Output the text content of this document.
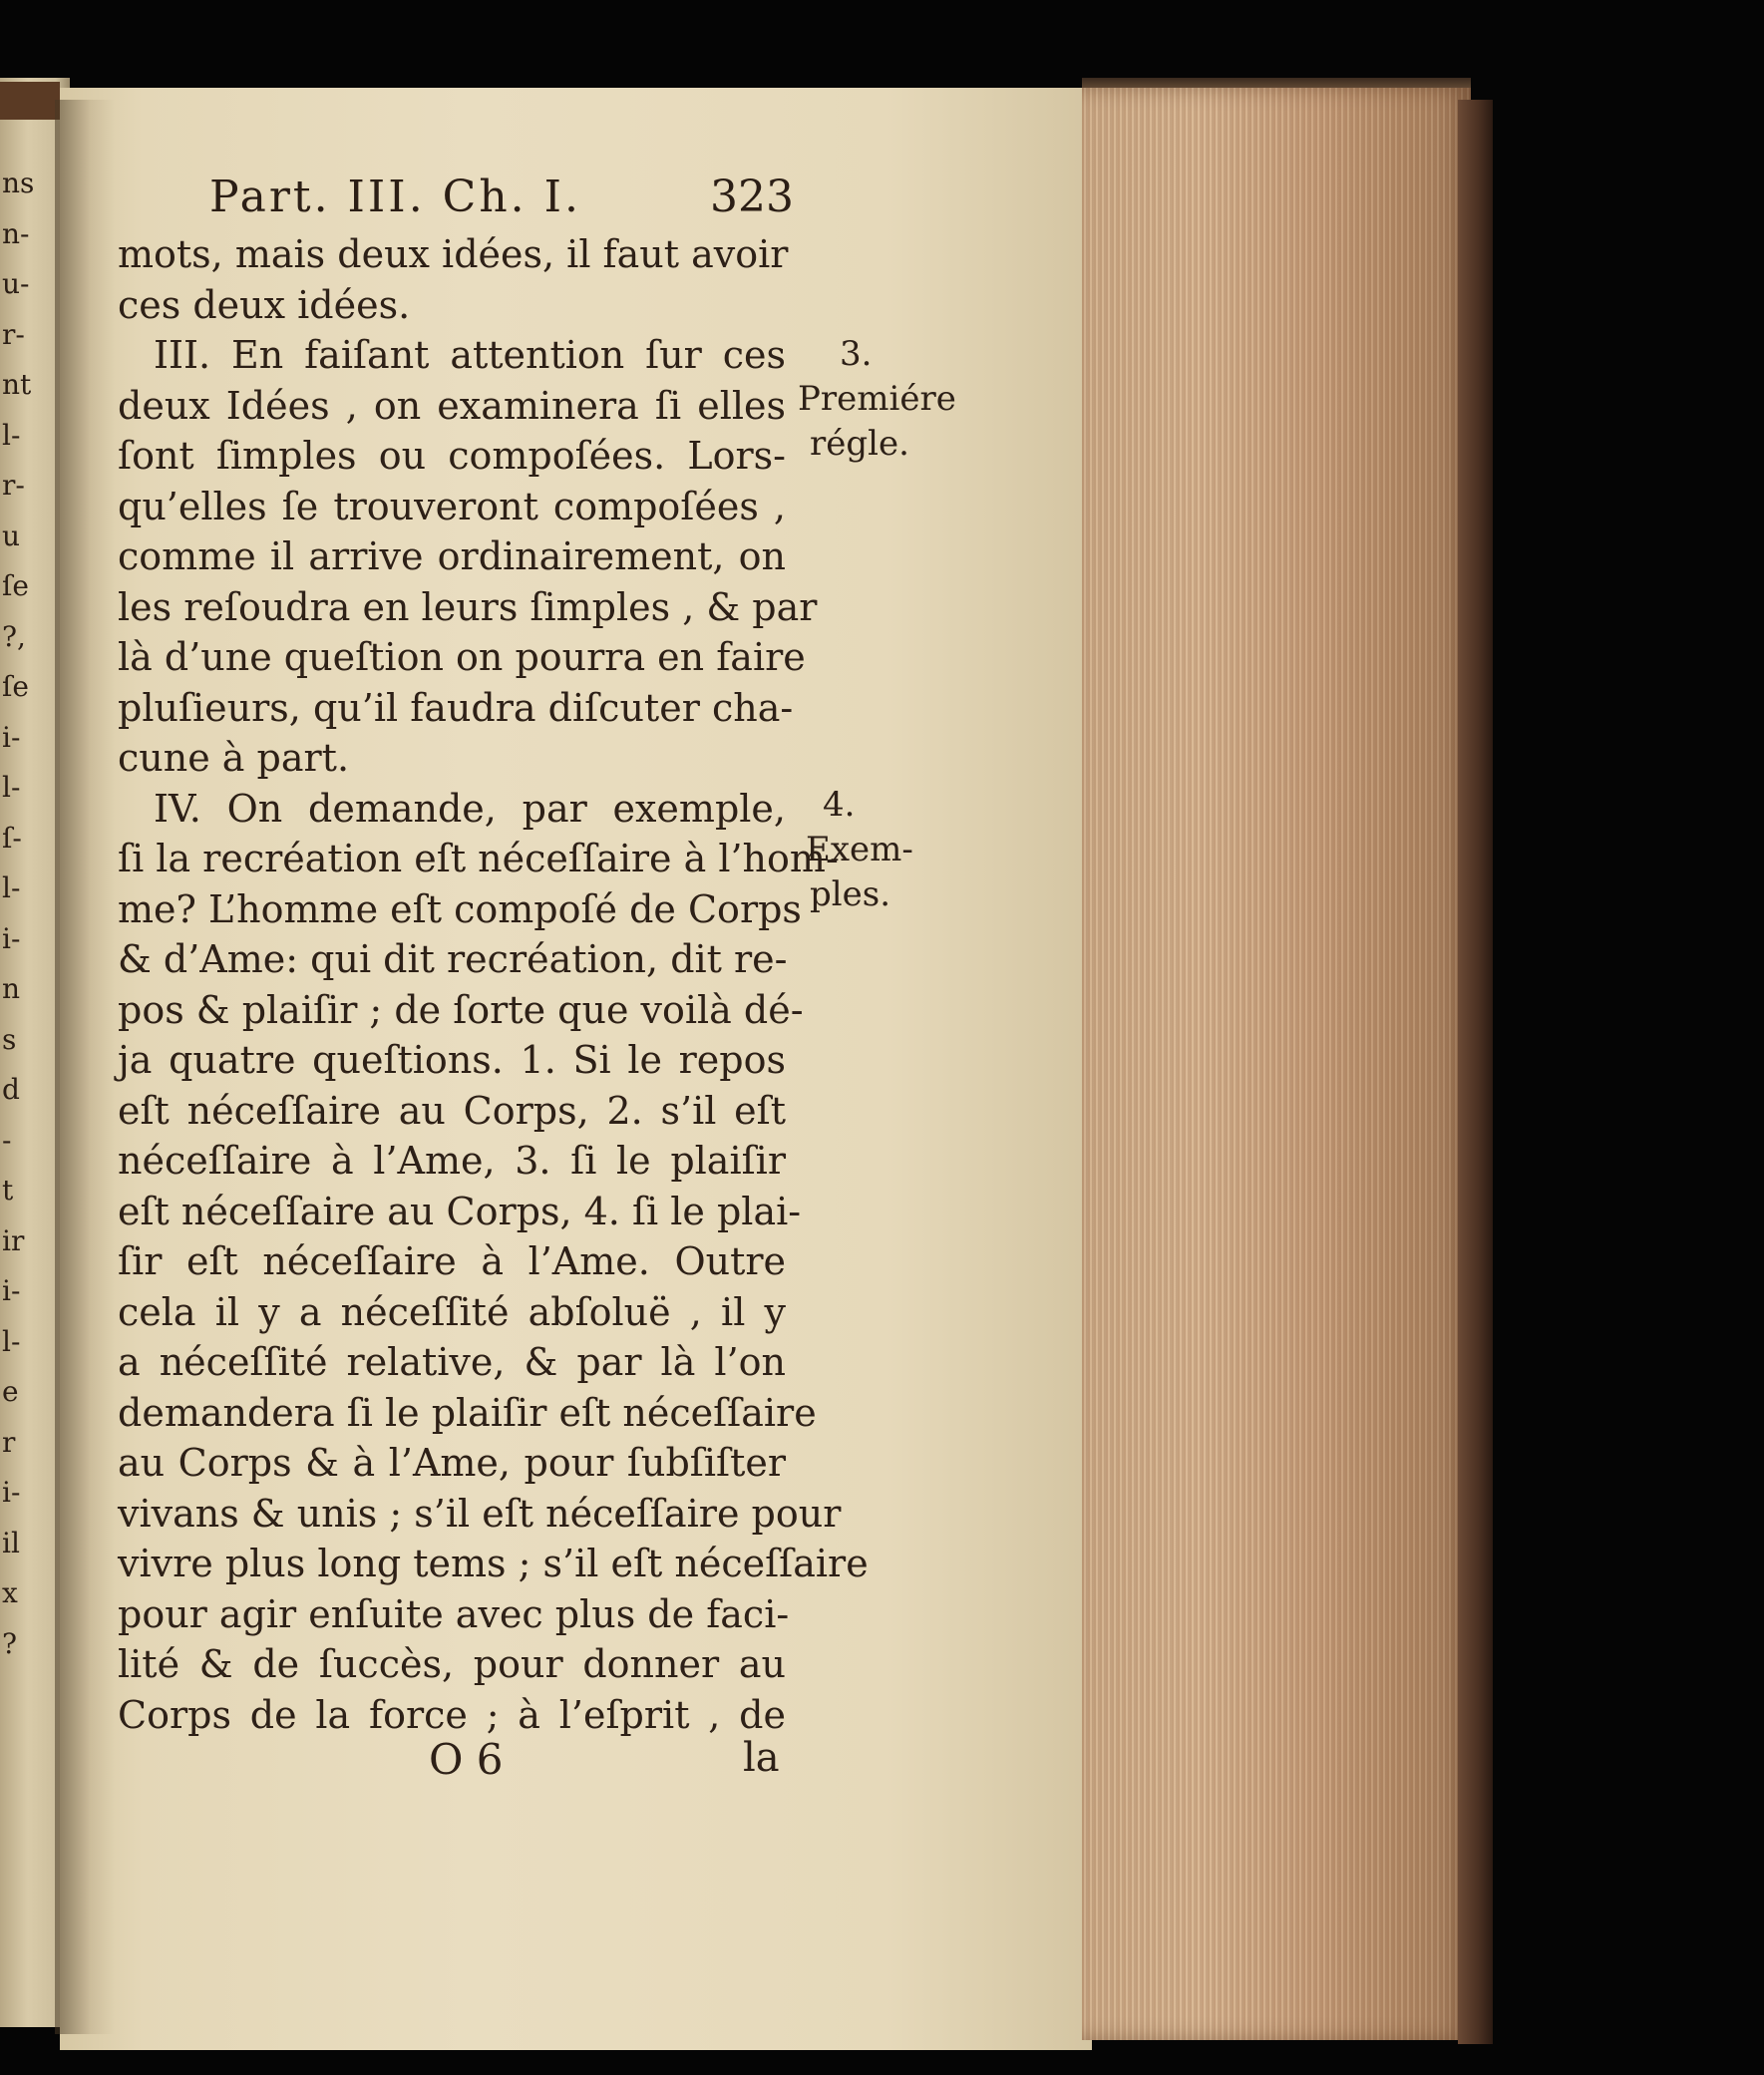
ns
n-
u-
r-
nt
l-
r-
u
ſe
?,
ſe
i-
l-
ſ-
l-
i-
n
s
d
-
t
ir
i-
l-
e
r
i-
il
x
?
Part. III. Ch. I.	323
mots, mais deux idées, il faut avoir
ces deux idées.
III. En faiſant attention ſur ces
deux Idées , on examinera ſi elles
ſont ſimples ou compoſées. Lors-
qu’elles ſe trouveront compoſées ,
comme il arrive ordinairement, on
les reſoudra en leurs ſimples , & par
là d’une queſtion on pourra en faire
pluſieurs, qu’il faudra diſcuter cha-
cune à part.
IV. On demande, par exemple,
ſi la recréation eſt néceſſaire à l’hom-
me? L’homme eſt compoſé de Corps
& d’Ame: qui dit recréation, dit re-
pos & plaiſir ; de ſorte que voilà dé-
ja quatre queſtions. 1. Si le repos
eſt néceſſaire au Corps, 2. s’il eſt
néceſſaire à l’Ame, 3. ſi le plaiſir
eſt néceſſaire au Corps, 4. ſi le plai-
ſir eſt néceſſaire à l’Ame. Outre
cela il y a néceſſité abſoluë , il y
a néceſſité relative, & par là l’on
demandera ſi le plaiſir eſt néceſſaire
au Corps & à l’Ame, pour ſubſiſter
vivans & unis ; s’il eſt néceſſaire pour
vivre plus long tems ; s’il eſt néceſſaire
pour agir enſuite avec plus de faci-
lité & de ſuccès, pour donner au
Corps de la force ; à l’eſprit , de
3.
Premiére
régle.
4.
Exem-
ples.
O 6	la
